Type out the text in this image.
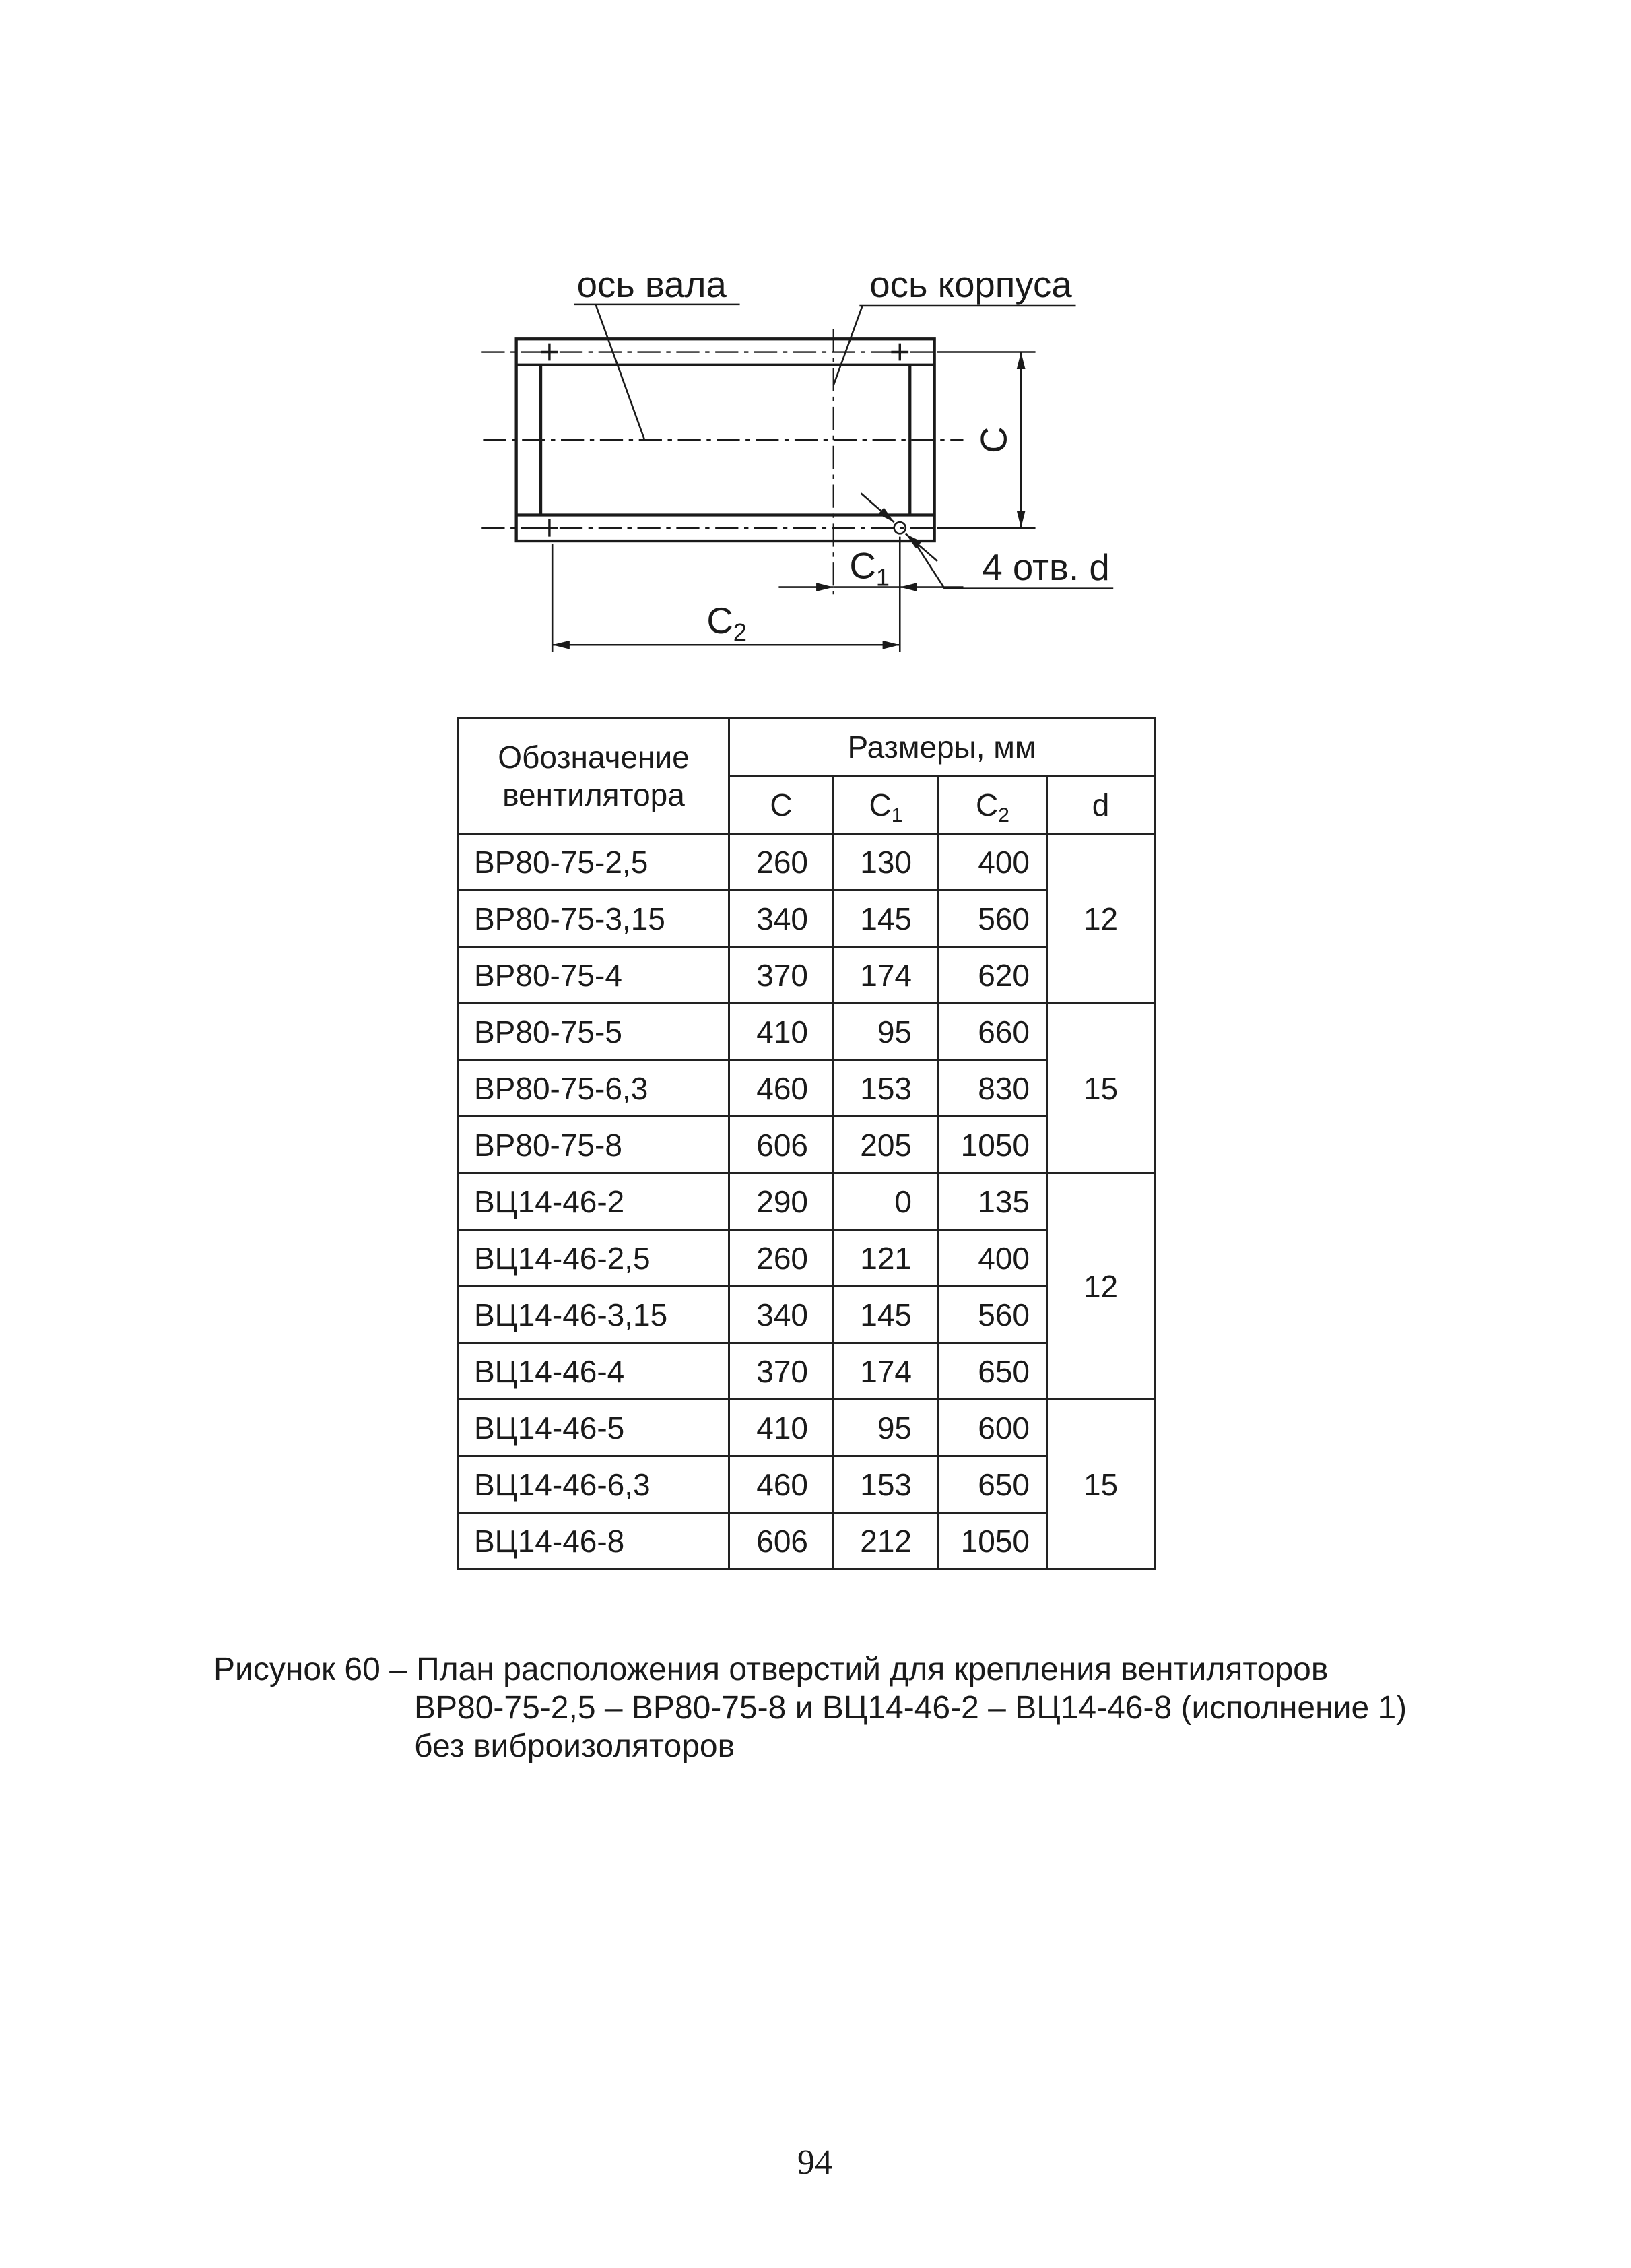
ось вала	ось корпуса
4 отв. d
C
C1
C2
Обозначение
вентилятора	Размеры, мм			
	C	$C_1$	$C_2$	d
ВР80-75-2,5	260	130	400	12
ВР80-75-3,15	340	145	560	
ВР80-75-4	370	174	620	
ВР80-75-5	410	95	660	15
ВР80-75-6,3	460	153	830	
ВР80-75-8	606	205	1050	
ВЦ14-46-2	290	0	135	12
ВЦ14-46-2,5	260	121	400	
ВЦ14-46-3,15	340	145	560	
ВЦ14-46-4	370	174	650	
ВЦ14-46-5	410	95	600	15
ВЦ14-46-6,3	460	153	650	
ВЦ14-46-8	606	212	1050	
Рисунок 60 – План расположения отверстий для крепления вентиляторов
ВР80-75-2,5 – ВР80-75-8 и ВЦ14-46-2 – ВЦ14-46-8 (исполнение 1)
без виброизоляторов
94
